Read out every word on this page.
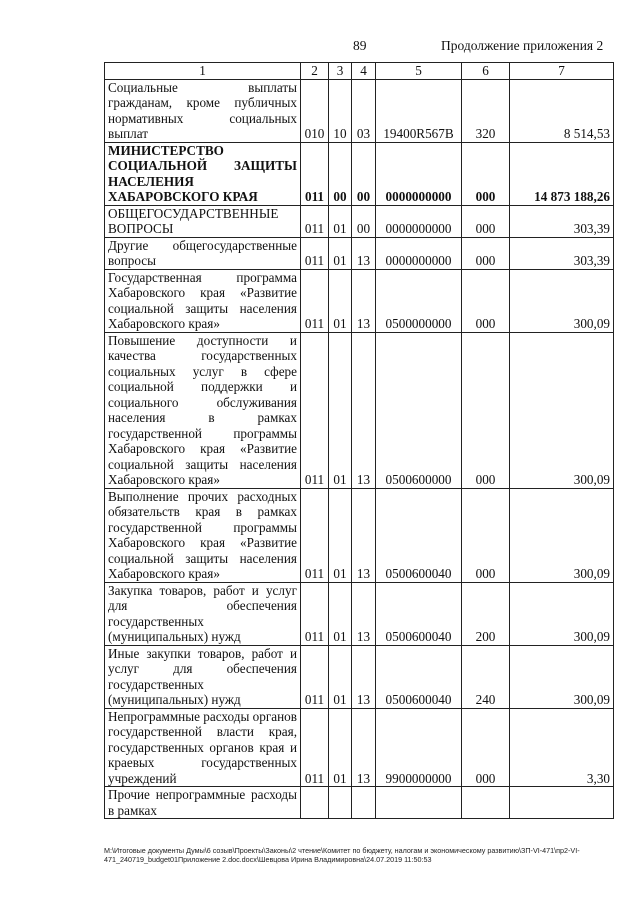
89	Продолжение приложения 2
1	2	3	4	5	6	7
Социальные выплаты гражданам, кроме публичных нормативных социальных выплат	010	10	03	19400R567B	320	8 514,53
МИНИСТЕРСТВО СОЦИАЛЬНОЙ ЗАЩИТЫ НАСЕЛЕНИЯ ХАБАРОВСКОГО КРАЯ	011	00	00	0000000000	000	14 873 188,26
ОБЩЕГОСУДАРСТВЕННЫЕ ВОПРОСЫ	011	01	00	0000000000	000	303,39
Другие общегосударственные вопросы	011	01	13	0000000000	000	303,39
Государственная программа Хабаровского края «Развитие социальной защиты населения Хабаровского края»	011	01	13	0500000000	000	300,09
Повышение доступности и качества государственных социальных услуг в сфере социальной поддержки и социального обслуживания населения в рамках государственной программы Хабаровского края «Развитие социальной защиты населения Хабаровского края»	011	01	13	0500600000	000	300,09
Выполнение прочих расходных обязательств края в рамках государственной программы Хабаровского края «Развитие социальной защиты населения Хабаровского края»	011	01	13	0500600040	000	300,09
Закупка товаров, работ и услуг для обеспечения государственных (муниципальных) нужд	011	01	13	0500600040	200	300,09
Иные закупки товаров, работ и услуг для обеспечения государственных (муниципальных) нужд	011	01	13	0500600040	240	300,09
Непрограммные расходы органов государственной власти края, государственных органов края и краевых государственных учреждений	011	01	13	9900000000	000	3,30
Прочие непрограммные расходы в рамках						
M:\Итоговые документы Думы\6 созыв\Проекты\Законы\2 чтение\Комитет по бюджету, налогам и экономическому развитию\ЗП-VI-471\пр2-VI-471_240719_budget01Приложение 2.doc.docx\Шевцова Ирина Владимировна\24.07.2019 11:50:53
